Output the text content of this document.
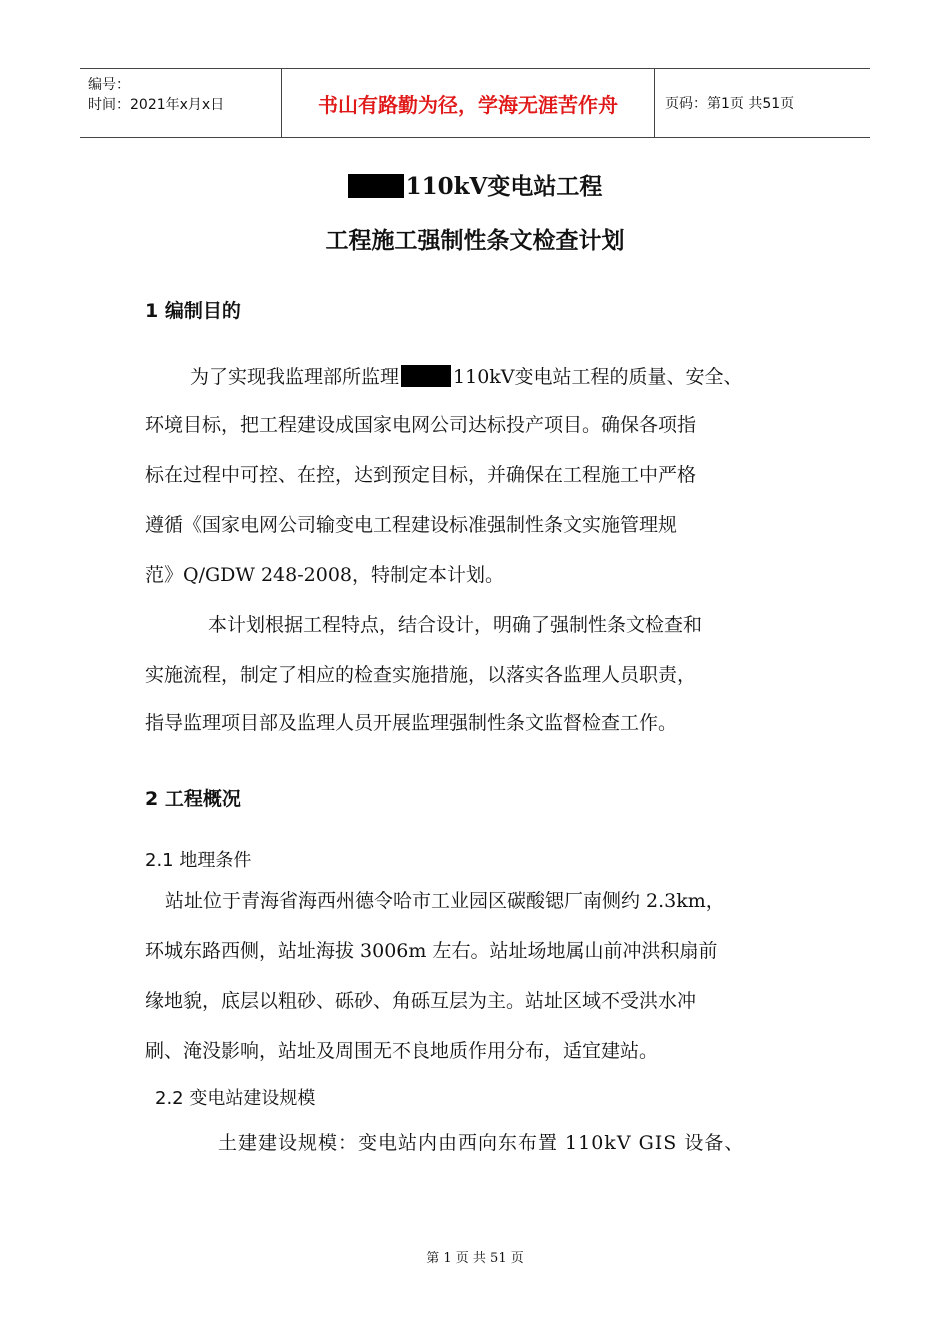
编号：
时间：2021年x月x日	书山有路勤为径，学海无涯苦作舟	页码：第1页 共51页
110kV变电站工程
工程施工强制性条文检查计划
1 编制目的
为了实现我监理部所监理	110kV变电站工程的质量、安全、
环境目标，把工程建设成国家电网公司达标投产项目。确保各项指
标在过程中可控、在控，达到预定目标，并确保在工程施工中严格
遵循《国家电网公司输变电工程建设标准强制性条文实施管理规
范》Q/GDW 248-2008，特制定本计划。
本计划根据工程特点，结合设计，明确了强制性条文检查和
实施流程，制定了相应的检查实施措施，以落实各监理人员职责，
指导监理项目部及监理人员开展监理强制性条文监督检查工作。
2 工程概况
2.1 地理条件
站址位于青海省海西州德令哈市工业园区碳酸锶厂南侧约 2.3km，
环城东路西侧，站址海拔 3006m 左右。站址场地属山前冲洪积扇前
缘地貌，底层以粗砂、砾砂、角砾互层为主。站址区域不受洪水冲
刷、淹没影响，站址及周围无不良地质作用分布，适宜建站。
2.2 变电站建设规模
土建建设规模：变电站内由西向东布置 110kV GIS 设备、
第 1 页 共 51 页
